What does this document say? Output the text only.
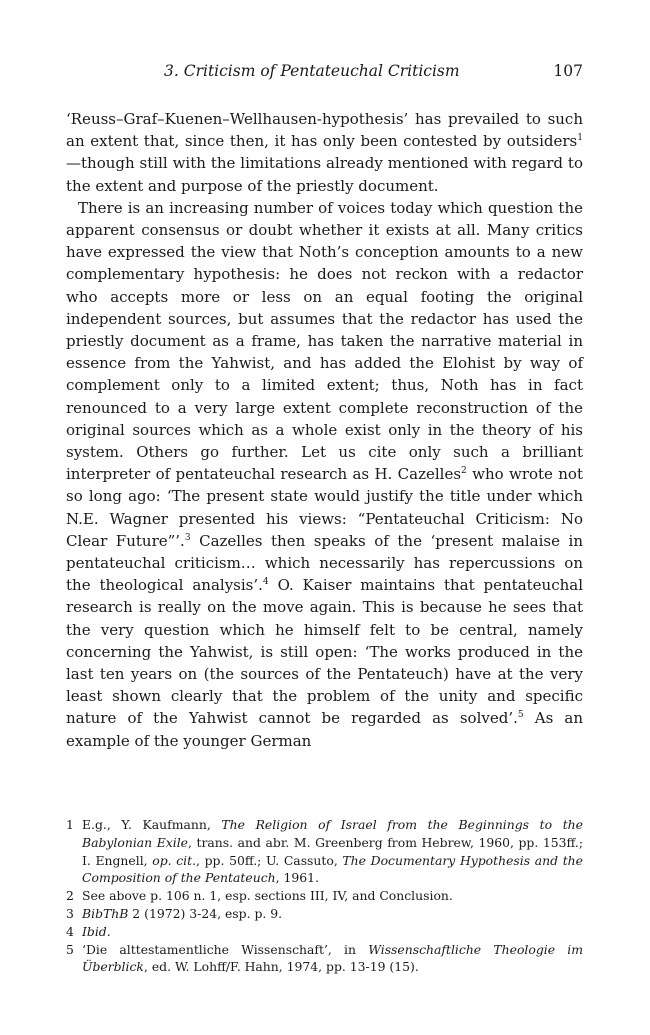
3. Criticism of Pentateuchal Criticism	107

‘Reuss–Graf–Kuenen–Wellhausen-hypothesis’ has prevailed to such an extent that, since then, it has only been contested by outsiders$^1$—though still with the limitations already mentioned with regard to the extent and purpose of the priestly document.

There is an increasing number of voices today which question the apparent consensus or doubt whether it exists at all. Many critics have expressed the view that Noth’s conception amounts to a new complementary hypothesis: he does not reckon with a redactor who accepts more or less on an equal footing the original independent sources, but assumes that the redactor has used the priestly document as a frame, has taken the narrative material in essence from the Yahwist, and has added the Elohist by way of complement only to a limited extent; thus, Noth has in fact renounced to a very large extent complete reconstruction of the original sources which as a whole exist only in the theory of his system. Others go further. Let us cite only such a brilliant interpreter of pentateuchal research as H. Cazelles$^2$ who wrote not so long ago: ‘The present state would justify the title under which N.E. Wagner presented his views: “Pentateuchal Criticism: No Clear Future”’.$^3$ Cazelles then speaks of the ‘present malaise in pentateuchal criticism… which necessarily has repercussions on the theological analysis’.$^4$ O. Kaiser maintains that pentateuchal research is really on the move again. This is because he sees that the very question which he himself felt to be central, namely concerning the Yahwist, is still open: ‘The works produced in the last ten years on (the sources of the Pentateuch) have at the very least shown clearly that the problem of the unity and specific nature of the Yahwist cannot be regarded as solved’.$^5$ As an example of the younger German

1 E.g., Y. Kaufmann, The Religion of Israel from the Beginnings to the Babylonian Exile, trans. and abr. M. Greenberg from Hebrew, 1960, pp. 153ff.; I. Engnell, op. cit., pp. 50ff.; U. Cassuto, The Documentary Hypothesis and the Composition of the Pentateuch, 1961.
2 See above p. 106 n. 1, esp. sections III, IV, and Conclusion.
3 BibThB 2 (1972) 3-24, esp. p. 9.
4 Ibid.
5 ‘Die alttestamentliche Wissenschaft’, in Wissenschaftliche Theologie im Überblick, ed. W. Lohff/F. Hahn, 1974, pp. 13-19 (15).
